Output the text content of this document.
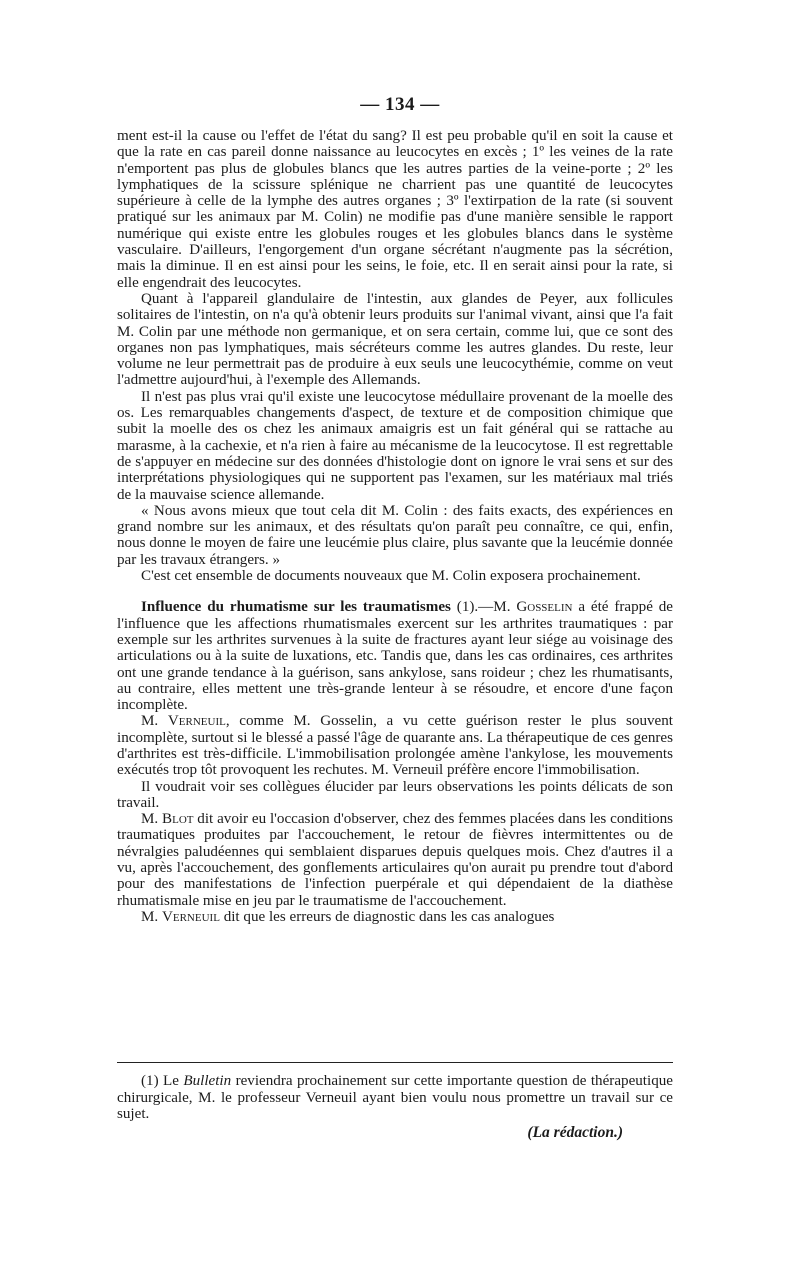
— 134 —

ment est-il la cause ou l'effet de l'état du sang? Il est peu probable qu'il en soit la cause et que la rate en cas pareil donne naissance au leucocytes en excès ; 1º les veines de la rate n'emportent pas plus de globules blancs que les autres parties de la veine-porte ; 2º les lymphatiques de la scissure splénique ne charrient pas une quantité de leucocytes supérieure à celle de la lymphe des autres organes ; 3º l'extirpation de la rate (si souvent pratiqué sur les animaux par M. Colin) ne modifie pas d'une manière sensible le rapport numérique qui existe entre les globules rouges et les globules blancs dans le système vasculaire. D'ailleurs, l'engorgement d'un organe sécrétant n'augmente pas la sécrétion, mais la diminue. Il en est ainsi pour les seins, le foie, etc. Il en serait ainsi pour la rate, si elle engendrait des leucocytes.

Quant à l'appareil glandulaire de l'intestin, aux glandes de Peyer, aux follicules solitaires de l'intestin, on n'a qu'à obtenir leurs produits sur l'animal vivant, ainsi que l'a fait M. Colin par une méthode non germanique, et on sera certain, comme lui, que ce sont des organes non pas lymphatiques, mais sécréteurs comme les autres glandes. Du reste, leur volume ne leur permettrait pas de produire à eux seuls une leucocythémie, comme on veut l'admettre aujourd'hui, à l'exemple des Allemands.

Il n'est pas plus vrai qu'il existe une leucocytose médullaire provenant de la moelle des os. Les remarquables changements d'aspect, de texture et de composition chimique que subit la moelle des os chez les animaux amaigris est un fait général qui se rattache au marasme, à la cachexie, et n'a rien à faire au mécanisme de la leucocytose. Il est regrettable de s'appuyer en médecine sur des données d'histologie dont on ignore le vrai sens et sur des interprétations physiologiques qui ne supportent pas l'examen, sur les matériaux mal triés de la mauvaise science allemande.

« Nous avons mieux que tout cela dit M. Colin : des faits exacts, des expériences en grand nombre sur les animaux, et des résultats qu'on paraît peu connaître, ce qui, enfin, nous donne le moyen de faire une leucémie plus claire, plus savante que la leucémie donnée par les travaux étrangers. »

C'est cet ensemble de documents nouveaux que M. Colin exposera prochainement.

Influence du rhumatisme sur les traumatismes (1).—M. Gosselin a été frappé de l'influence que les affections rhumatismales exercent sur les arthrites traumatiques : par exemple sur les arthrites survenues à la suite de fractures ayant leur siége au voisinage des articulations ou à la suite de luxations, etc. Tandis que, dans les cas ordinaires, ces arthrites ont une grande tendance à la guérison, sans ankylose, sans roideur ; chez les rhumatisants, au contraire, elles mettent une très-grande lenteur à se résoudre, et encore d'une façon incomplète.

M. Verneuil, comme M. Gosselin, a vu cette guérison rester le plus souvent incomplète, surtout si le blessé a passé l'âge de quarante ans. La thérapeutique de ces genres d'arthrites est très-difficile. L'immobilisation prolongée amène l'ankylose, les mouvements exécutés trop tôt provoquent les rechutes. M. Verneuil préfère encore l'immobilisation.

Il voudrait voir ses collègues élucider par leurs observations les points délicats de son travail.

M. Blot dit avoir eu l'occasion d'observer, chez des femmes placées dans les conditions traumatiques produites par l'accouchement, le retour de fièvres intermittentes ou de névralgies paludéennes qui semblaient disparues depuis quelques mois. Chez d'autres il a vu, après l'accouchement, des gonflements articulaires qu'on aurait pu prendre tout d'abord pour des manifestations de l'infection puerpérale et qui dépendaient de la diathèse rhumatismale mise en jeu par le traumatisme de l'accouchement.

M. Verneuil dit que les erreurs de diagnostic dans les cas analogues

(1) Le Bulletin reviendra prochainement sur cette importante question de thérapeutique chirurgicale, M. le professeur Verneuil ayant bien voulu nous promettre un travail sur ce sujet.

(La rédaction.)
